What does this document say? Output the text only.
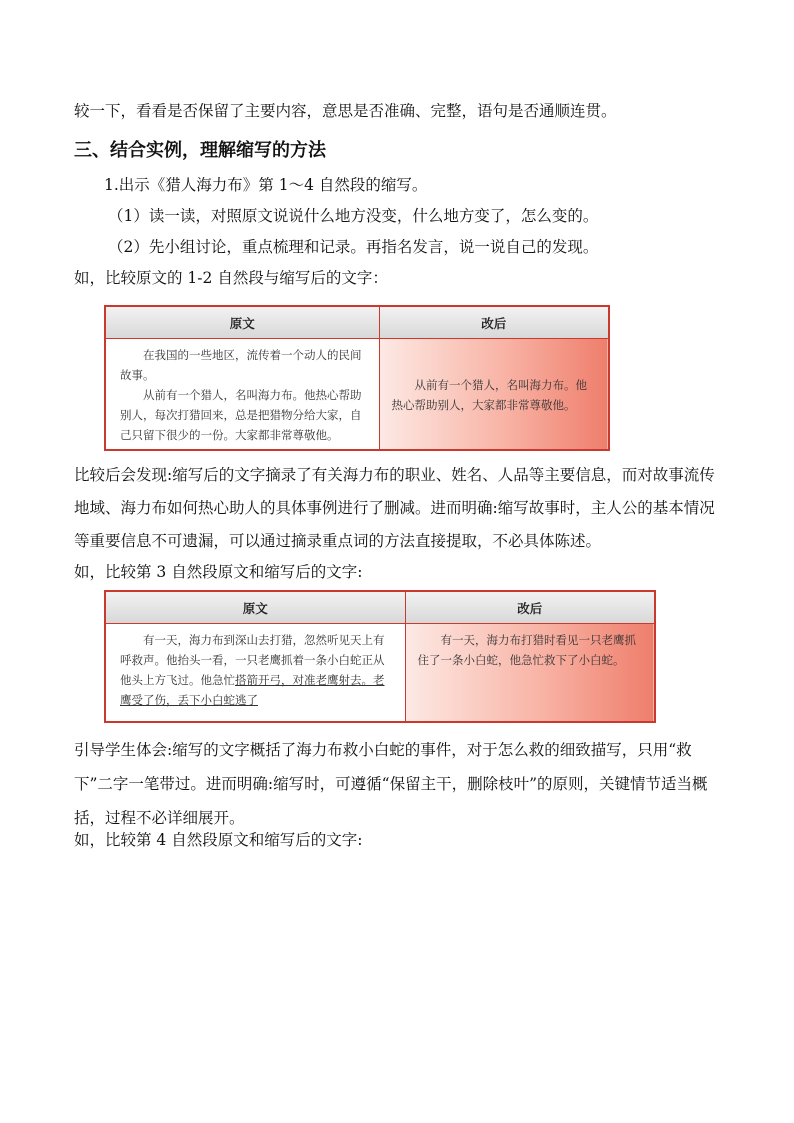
较一下，看看是否保留了主要内容，意思是否准确、完整，语句是否通顺连贯。

三、结合实例，理解缩写的方法

1.出示《猎人海力布》第 1～4 自然段的缩写。

（1）读一读，对照原文说说什么地方没变，什么地方变了，怎么变的。

（2）先小组讨论，重点梳理和记录。再指名发言，说一说自己的发现。

如，比较原文的 1-2 自然段与缩写后的文字：

原文	改后

在我国的一些地区，流传着一个动人的民间故事。

从前有一个猎人，名叫海力布。他热心帮助别人，每次打猎回来，总是把猎物分给大家，自己只留下很少的一份。大家都非常尊敬他。	从前有一个猎人，名叫海力布。他热心帮助别人，大家都非常尊敬他。

比较后会发现:缩写后的文字摘录了有关海力布的职业、姓名、人品等主要信息，而对故事流传地域、海力布如何热心助人的具体事例进行了删减。进而明确:缩写故事时，主人公的基本情况等重要信息不可遗漏，可以通过摘录重点词的方法直接提取，不必具体陈述。

如，比较第 3 自然段原文和缩写后的文字:

原文	改后

有一天，海力布到深山去打猎，忽然听见天上有呼救声。他抬头一看，一只老鹰抓着一条小白蛇正从他头上方飞过。他急忙搭箭开弓，对准老鹰射去。老鹰受了伤，丢下小白蛇逃了	有一天，海力布打猎时看见一只老鹰抓住了一条小白蛇，他急忙救下了小白蛇。

引导学生体会:缩写的文字概括了海力布救小白蛇的事件，对于怎么救的细致描写，只用“救下”二字一笔带过。进而明确:缩写时，可遵循“保留主干，删除枝叶”的原则，关键情节适当概括，过程不必详细展开。

如，比较第 4 自然段原文和缩写后的文字:
